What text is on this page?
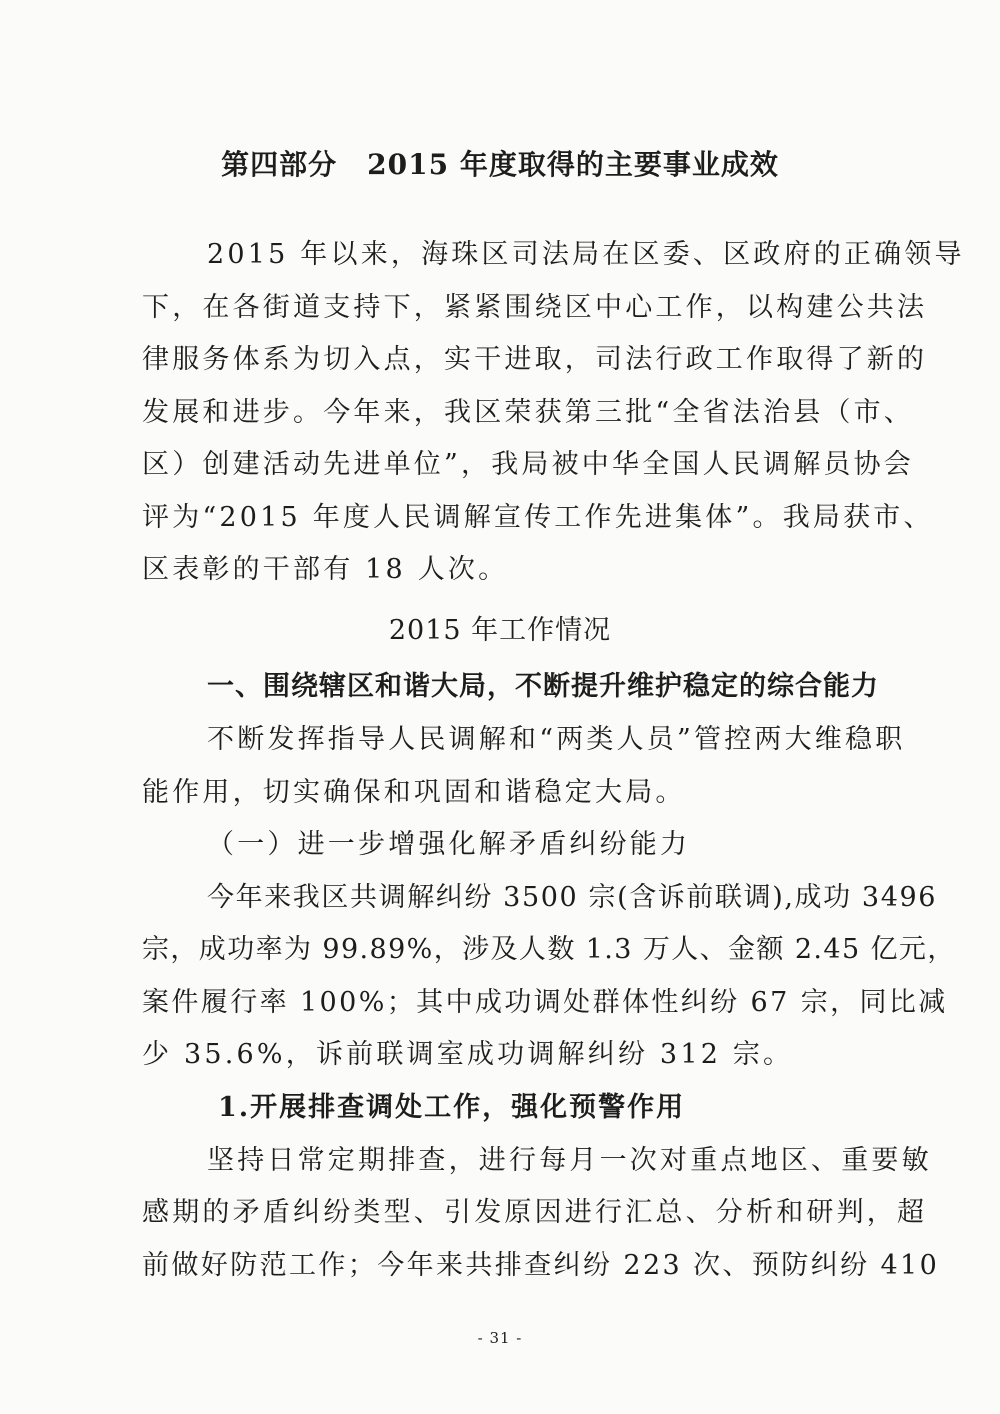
第四部分 2015 年度取得的主要事业成效
2015 年以来，海珠区司法局在区委、区政府的正确领导
下，在各街道支持下，紧紧围绕区中心工作，以构建公共法
律服务体系为切入点，实干进取，司法行政工作取得了新的
发展和进步。今年来，我区荣获第三批“全省法治县（市、
区）创建活动先进单位”，我局被中华全国人民调解员协会
评为“2015 年度人民调解宣传工作先进集体”。我局获市、
区表彰的干部有 18 人次。
2015 年工作情况
一、围绕辖区和谐大局，不断提升维护稳定的综合能力
不断发挥指导人民调解和“两类人员”管控两大维稳职
能作用，切实确保和巩固和谐稳定大局。
（一）进一步增强化解矛盾纠纷能力
今年来我区共调解纠纷 3500 宗(含诉前联调),成功 3496
宗，成功率为 99.89%，涉及人数 1.3 万人、金额 2.45 亿元，
案件履行率 100%；其中成功调处群体性纠纷 67 宗，同比减
少 35.6%，诉前联调室成功调解纠纷 312 宗。
1.开展排查调处工作，强化预警作用
坚持日常定期排查，进行每月一次对重点地区、重要敏
感期的矛盾纠纷类型、引发原因进行汇总、分析和研判，超
前做好防范工作；今年来共排查纠纷 223 次、预防纠纷 410
- 31 -
